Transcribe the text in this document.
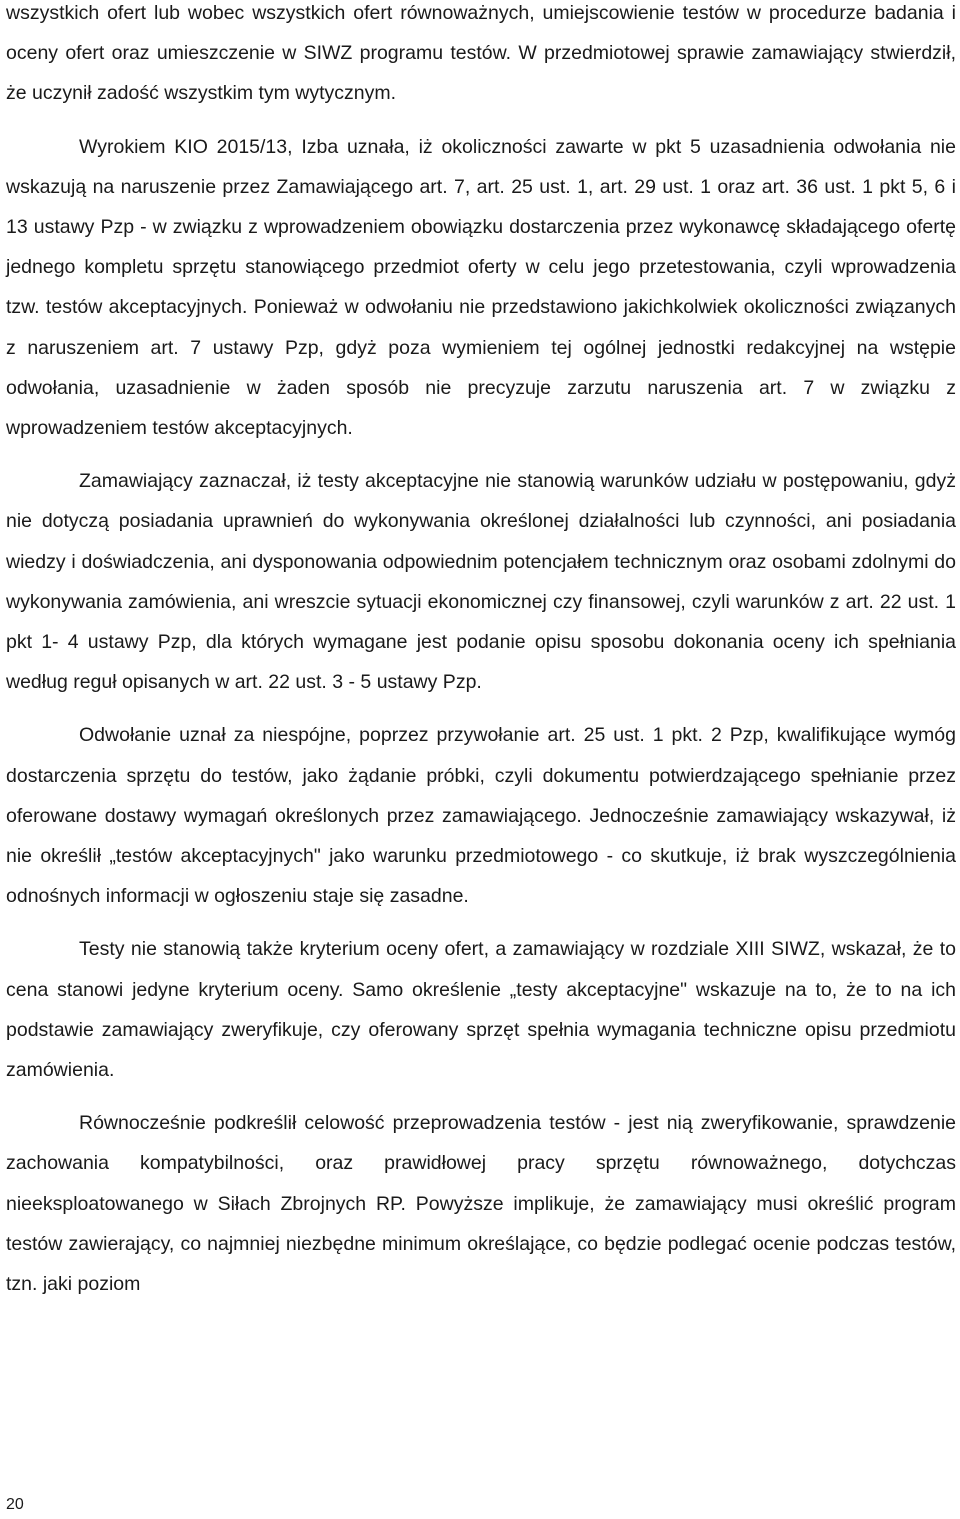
wszystkich ofert lub wobec wszystkich ofert równoważnych, umiejscowienie testów w procedurze badania i oceny ofert oraz umieszczenie w SIWZ programu testów. W przedmiotowej sprawie zamawiający stwierdził, że uczynił zadość wszystkim tym wytycznym.

Wyrokiem KIO 2015/13, Izba uznała, iż okoliczności zawarte w pkt 5 uzasadnienia odwołania nie wskazują na naruszenie przez Zamawiającego art. 7, art. 25 ust. 1, art. 29 ust. 1 oraz art. 36 ust. 1 pkt 5, 6 i 13 ustawy Pzp - w związku z wprowadzeniem obowiązku dostarczenia przez wykonawcę składającego ofertę jednego kompletu sprzętu stanowiącego przedmiot oferty w celu jego przetestowania, czyli wprowadzenia tzw. testów akceptacyjnych. Ponieważ w odwołaniu nie przedstawiono jakichkolwiek okoliczności związanych z naruszeniem art. 7 ustawy Pzp, gdyż poza wymieniem tej ogólnej jednostki redakcyjnej na wstępie odwołania, uzasadnienie w żaden sposób nie precyzuje zarzutu naruszenia art. 7 w związku z wprowadzeniem testów akceptacyjnych.

Zamawiający zaznaczał, iż testy akceptacyjne nie stanowią warunków udziału w postępowaniu, gdyż nie dotyczą posiadania uprawnień do wykonywania określonej działalności lub czynności, ani posiadania wiedzy i doświadczenia, ani dysponowania odpowiednim potencjałem technicznym oraz osobami zdolnymi do wykonywania zamówienia, ani wreszcie sytuacji ekonomicznej czy finansowej, czyli warunków z art. 22 ust. 1 pkt 1- 4 ustawy Pzp, dla których wymagane jest podanie opisu sposobu dokonania oceny ich spełniania według reguł opisanych w art. 22 ust. 3 - 5 ustawy Pzp.

Odwołanie uznał za niespójne, poprzez przywołanie art. 25 ust. 1 pkt. 2 Pzp, kwalifikujące wymóg dostarczenia sprzętu do testów, jako żądanie próbki, czyli dokumentu potwierdzającego spełnianie przez oferowane dostawy wymagań określonych przez zamawiającego. Jednocześnie zamawiający wskazywał, iż nie określił „testów akceptacyjnych" jako warunku przedmiotowego - co skutkuje, iż brak wyszczególnienia odnośnych informacji w ogłoszeniu staje się zasadne.

Testy nie stanowią także kryterium oceny ofert, a zamawiający w rozdziale XIII SIWZ, wskazał, że to cena stanowi jedyne kryterium oceny. Samo określenie „testy akceptacyjne" wskazuje na to, że to na ich podstawie zamawiający zweryfikuje, czy oferowany sprzęt spełnia wymagania techniczne opisu przedmiotu zamówienia.

Równocześnie podkreślił celowość przeprowadzenia testów - jest nią zweryfikowanie, sprawdzenie zachowania kompatybilności, oraz prawidłowej pracy sprzętu równoważnego, dotychczas nieeksploatowanego w Siłach Zbrojnych RP. Powyższe implikuje, że zamawiający musi określić program testów zawierający, co najmniej niezbędne minimum określające, co będzie podlegać ocenie podczas testów, tzn. jaki poziom

20
